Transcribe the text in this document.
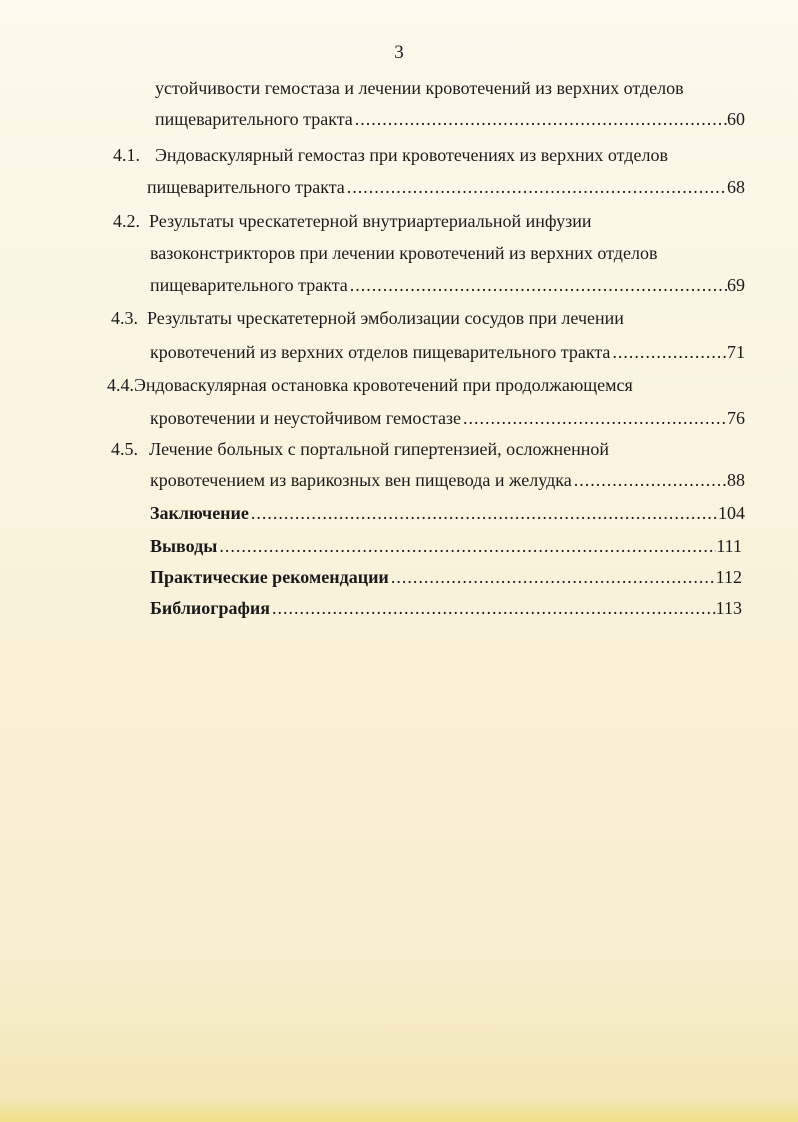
3
устойчивости гемостаза и лечении кровотечений из верхних отделов
пищеварительного тракта .....	60
4.1. Эндоваскулярный гемостаз при кровотечениях из верхних отделов
пищеварительного тракта .....	68
4.2. Результаты чрескатетерной внутриартериальной инфузии
вазоконстрикторов при лечении кровотечений из верхних отделов
пищеварительного тракта .....	69
4.3. Результаты чрескатетерной эмболизации сосудов при лечении
кровотечений из верхних отделов пищеварительного тракта .....	71
4.4. Эндоваскулярная остановка кровотечений при продолжающемся
кровотечении и неустойчивом гемостазе .....	76
4.5. Лечение больных с портальной гипертензией, осложненной
кровотечением из варикозных вен пищевода и желудка .....	88
Заключение .....	104
Выводы .....	111
Практические рекомендации .....	112
Библиография .....	113
